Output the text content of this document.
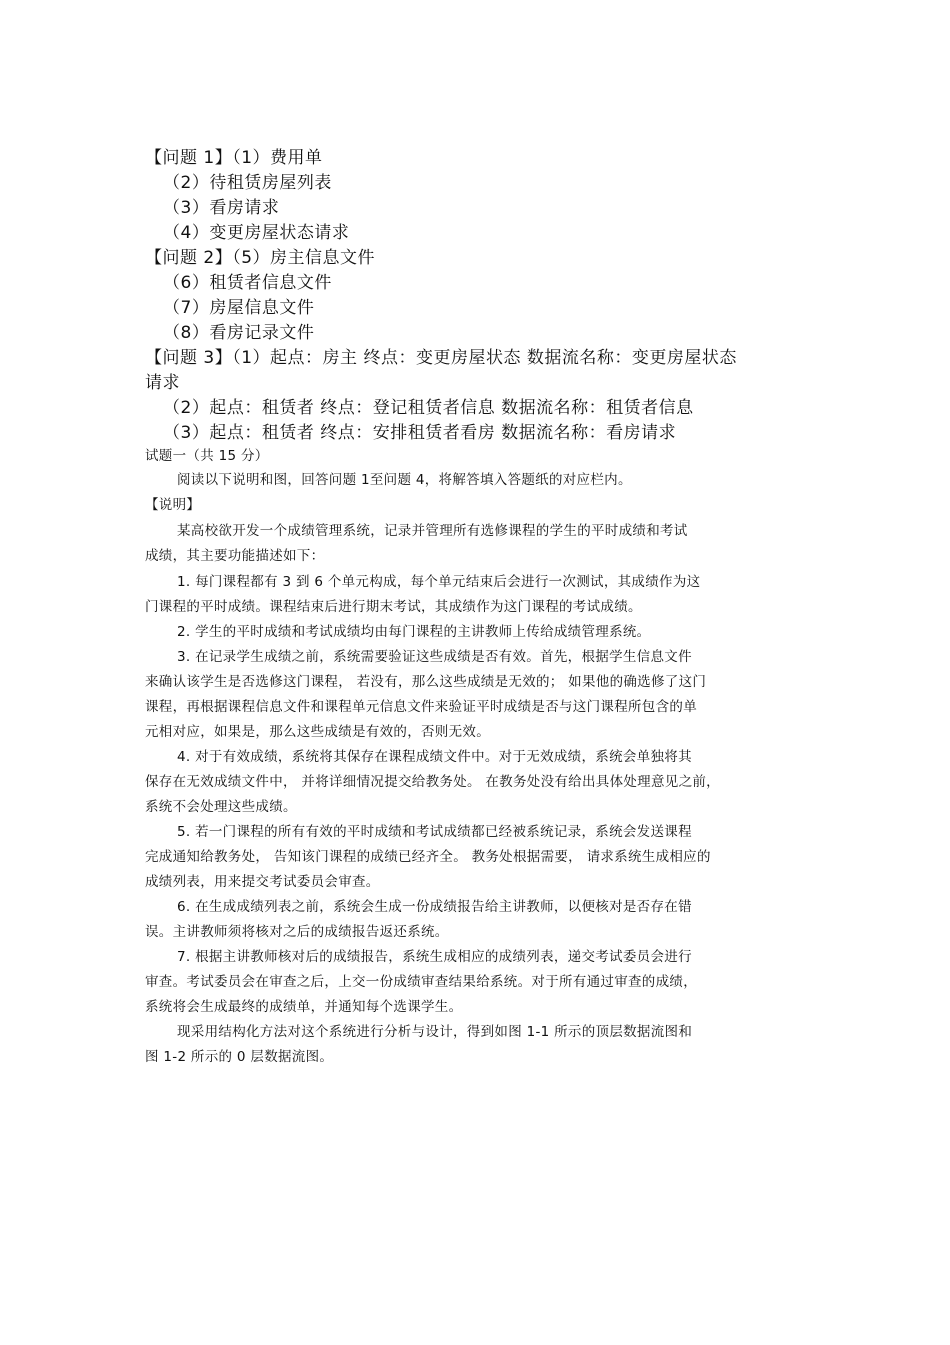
【问题 1】（1）费用单

（2）待租赁房屋列表

（3）看房请求

（4）变更房屋状态请求

【问题 2】（5）房主信息文件

（6）租赁者信息文件

（7）房屋信息文件

（8）看房记录文件

【问题 3】（1）起点：房主 终点：变更房屋状态 数据流名称：变更房屋状态

请求

（2）起点：租赁者 终点：登记租赁者信息 数据流名称：租赁者信息

（3）起点：租赁者 终点：安排租赁者看房 数据流名称：看房请求

试题一（共 15 分）

阅读以下说明和图，回答问题 1至问题 4，将解答填入答题纸的对应栏内。

【说明】

某高校欲开发一个成绩管理系统，记录并管理所有选修课程的学生的平时成绩和考试

成绩，其主要功能描述如下：

1. 每门课程都有 3 到 6 个单元构成，每个单元结束后会进行一次测试，其成绩作为这

门课程的平时成绩。课程结束后进行期末考试，其成绩作为这门课程的考试成绩。

2. 学生的平时成绩和考试成绩均由每门课程的主讲教师上传给成绩管理系统。

3. 在记录学生成绩之前，系统需要验证这些成绩是否有效。首先，根据学生信息文件

来确认该学生是否选修这门课程， 若没有，那么这些成绩是无效的； 如果他的确选修了这门

课程，再根据课程信息文件和课程单元信息文件来验证平时成绩是否与这门课程所包含的单

元相对应，如果是，那么这些成绩是有效的，否则无效。

4. 对于有效成绩，系统将其保存在课程成绩文件中。对于无效成绩，系统会单独将其

保存在无效成绩文件中， 并将详细情况提交给教务处。 在教务处没有给出具体处理意见之前，

系统不会处理这些成绩。

5. 若一门课程的所有有效的平时成绩和考试成绩都已经被系统记录，系统会发送课程

完成通知给教务处， 告知该门课程的成绩已经齐全。 教务处根据需要， 请求系统生成相应的

成绩列表，用来提交考试委员会审查。

6. 在生成成绩列表之前，系统会生成一份成绩报告给主讲教师，以便核对是否存在错

误。主讲教师须将核对之后的成绩报告返还系统。

7. 根据主讲教师核对后的成绩报告，系统生成相应的成绩列表，递交考试委员会进行

审查。考试委员会在审查之后，上交一份成绩审查结果给系统。对于所有通过审查的成绩，

系统将会生成最终的成绩单，并通知每个选课学生。

现采用结构化方法对这个系统进行分析与设计，得到如图 1-1 所示的顶层数据流图和

图 1-2 所示的 0 层数据流图。
